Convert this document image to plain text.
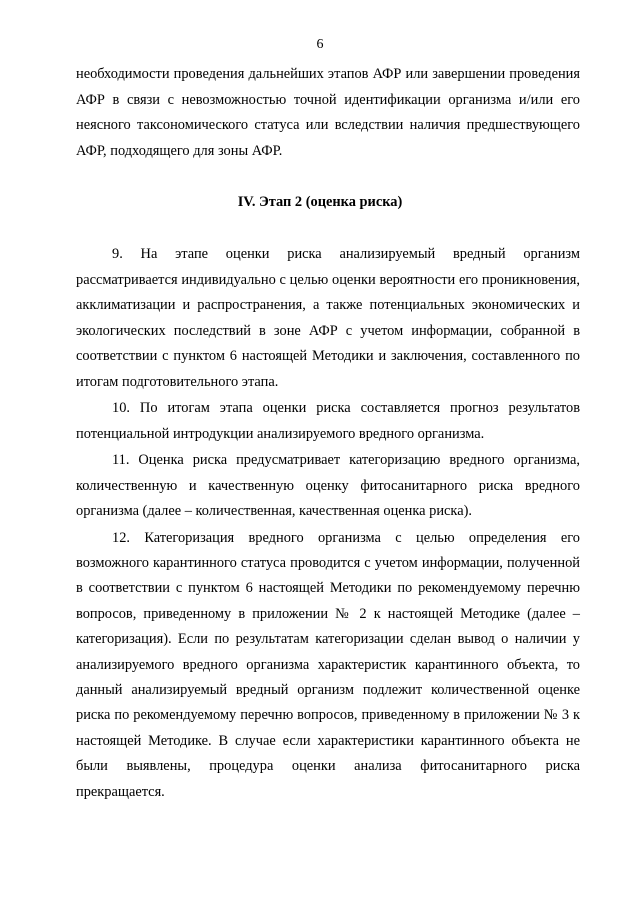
6

необходимости проведения дальнейших этапов АФР или завершении проведения АФР в связи с невозможностью точной идентификации организма и/или его неясного таксономического статуса или вследствии наличия предшествующего АФР, подходящего для зоны АФР.

IV. Этап 2 (оценка риска)

9. На этапе оценки риска анализируемый вредный организм рассматривается индивидуально с целью оценки вероятности его проникновения, акклиматизации и распространения, а также потенциальных экономических и экологических последствий в зоне АФР с учетом информации, собранной в соответствии с пунктом 6 настоящей Методики и заключения, составленного по итогам подготовительного этапа.

10. По итогам этапа оценки риска составляется прогноз результатов потенциальной интродукции анализируемого вредного организма.

11. Оценка риска предусматривает категоризацию вредного организма, количественную и качественную оценку фитосанитарного риска вредного организма (далее – количественная, качественная оценка риска).

12. Категоризация вредного организма с целью определения его возможного карантинного статуса проводится с учетом информации, полученной в соответствии с пунктом 6 настоящей Методики по рекомендуемому перечню вопросов, приведенному в приложении № 2 к настоящей Методике (далее – категоризация). Если по результатам категоризации сделан вывод о наличии у анализируемого вредного организма характеристик карантинного объекта, то данный анализируемый вредный организм подлежит количественной оценке риска по рекомендуемому перечню вопросов, приведенному в приложении № 3 к настоящей Методике. В случае если характеристики карантинного объекта не были выявлены, процедура оценки анализа фитосанитарного риска прекращается.
